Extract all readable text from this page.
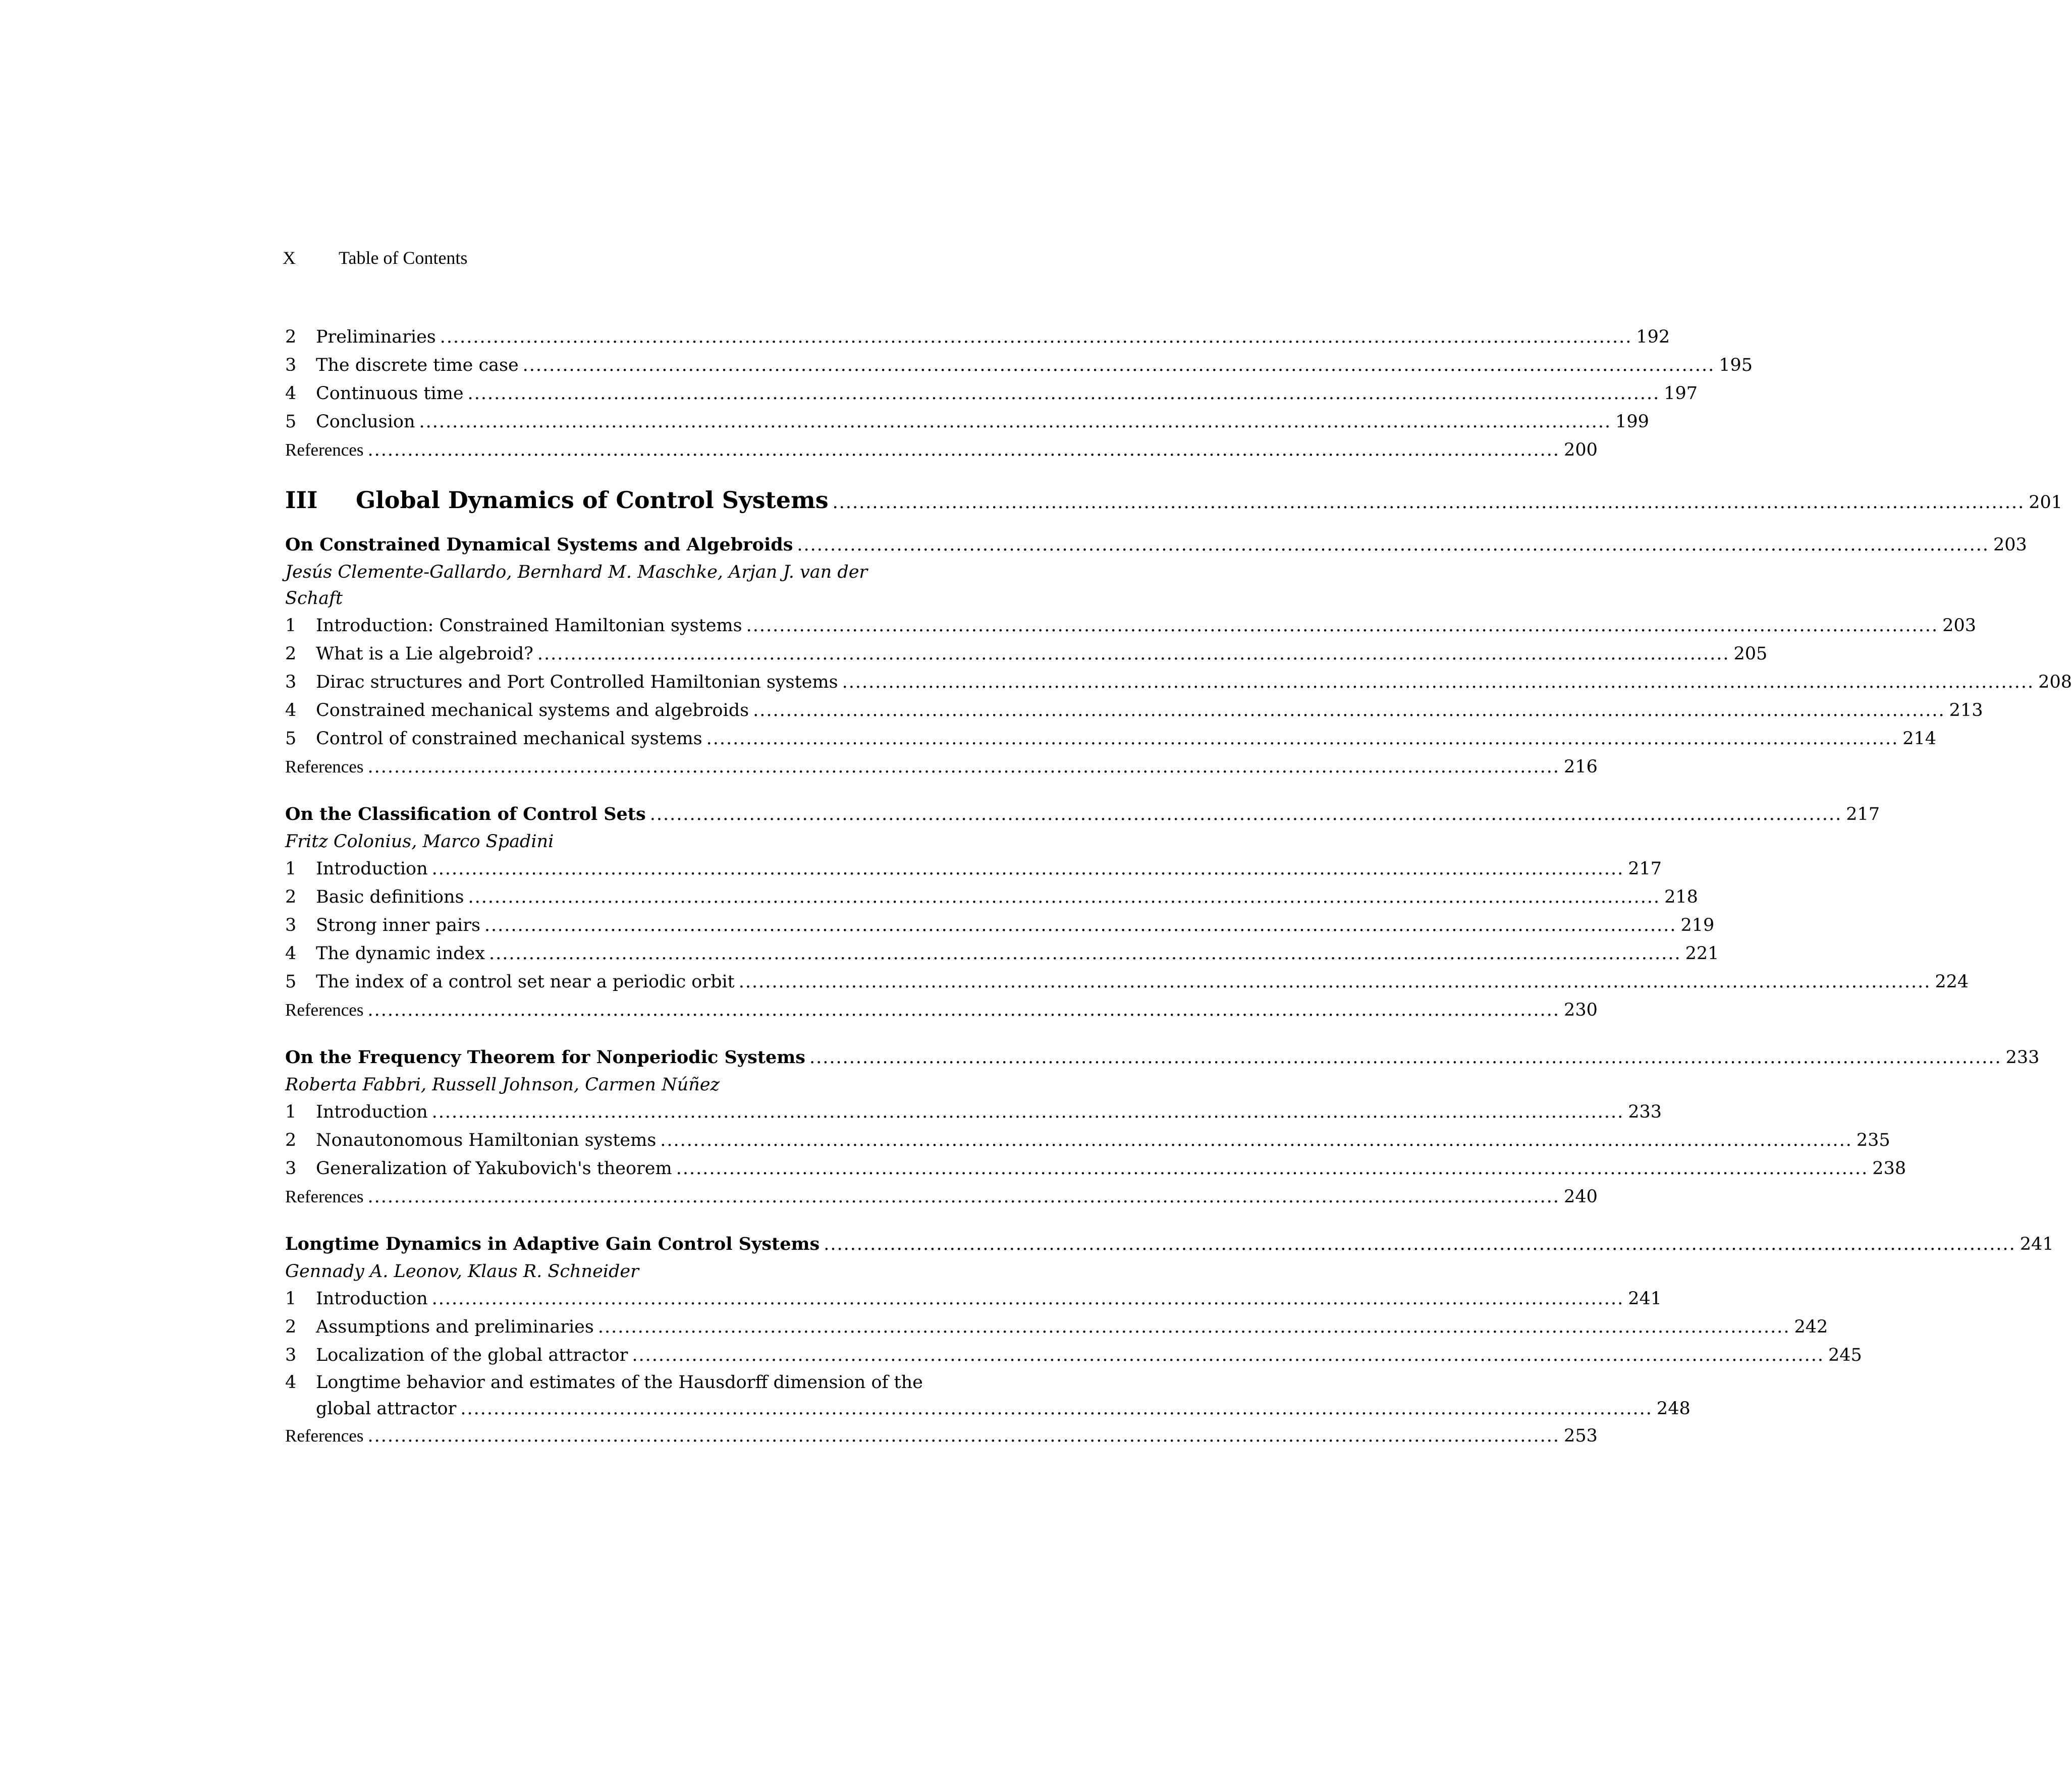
X Table of Contents
2	Preliminaries .................................................................................................................................................................................... 192
3	The discrete time case .................................................................................................................................................................................... 195
4	Continuous time .................................................................................................................................................................................... 197
5	Conclusion .................................................................................................................................................................................... 199
References .................................................................................................................................................................................... 200
III	Global Dynamics of Control Systems .................................................................................................................................................................................... 201
On Constrained Dynamical Systems and Algebroids .................................................................................................................................................................................... 203
Jesús Clemente-Gallardo, Bernhard M. Maschke, Arjan J. van der Schaft
1	Introduction: Constrained Hamiltonian systems .................................................................................................................................................................................... 203
2	What is a Lie algebroid? .................................................................................................................................................................................... 205
3	Dirac structures and Port Controlled Hamiltonian systems .................................................................................................................................................................................... 208
4	Constrained mechanical systems and algebroids .................................................................................................................................................................................... 213
5	Control of constrained mechanical systems .................................................................................................................................................................................... 214
References .................................................................................................................................................................................... 216
On the Classification of Control Sets .................................................................................................................................................................................... 217
Fritz Colonius, Marco Spadini
1	Introduction .................................................................................................................................................................................... 217
2	Basic definitions .................................................................................................................................................................................... 218
3	Strong inner pairs .................................................................................................................................................................................... 219
4	The dynamic index .................................................................................................................................................................................... 221
5	The index of a control set near a periodic orbit .................................................................................................................................................................................... 224
References .................................................................................................................................................................................... 230
On the Frequency Theorem for Nonperiodic Systems .................................................................................................................................................................................... 233
Roberta Fabbri, Russell Johnson, Carmen Núñez
1	Introduction .................................................................................................................................................................................... 233
2	Nonautonomous Hamiltonian systems .................................................................................................................................................................................... 235
3	Generalization of Yakubovich's theorem .................................................................................................................................................................................... 238
References .................................................................................................................................................................................... 240
Longtime Dynamics in Adaptive Gain Control Systems .................................................................................................................................................................................... 241
Gennady A. Leonov, Klaus R. Schneider
1	Introduction .................................................................................................................................................................................... 241
2	Assumptions and preliminaries .................................................................................................................................................................................... 242
3	Localization of the global attractor .................................................................................................................................................................................... 245
4	Longtime behavior and estimates of the Hausdorff dimension of the
global attractor .................................................................................................................................................................................... 248
References .................................................................................................................................................................................... 253
